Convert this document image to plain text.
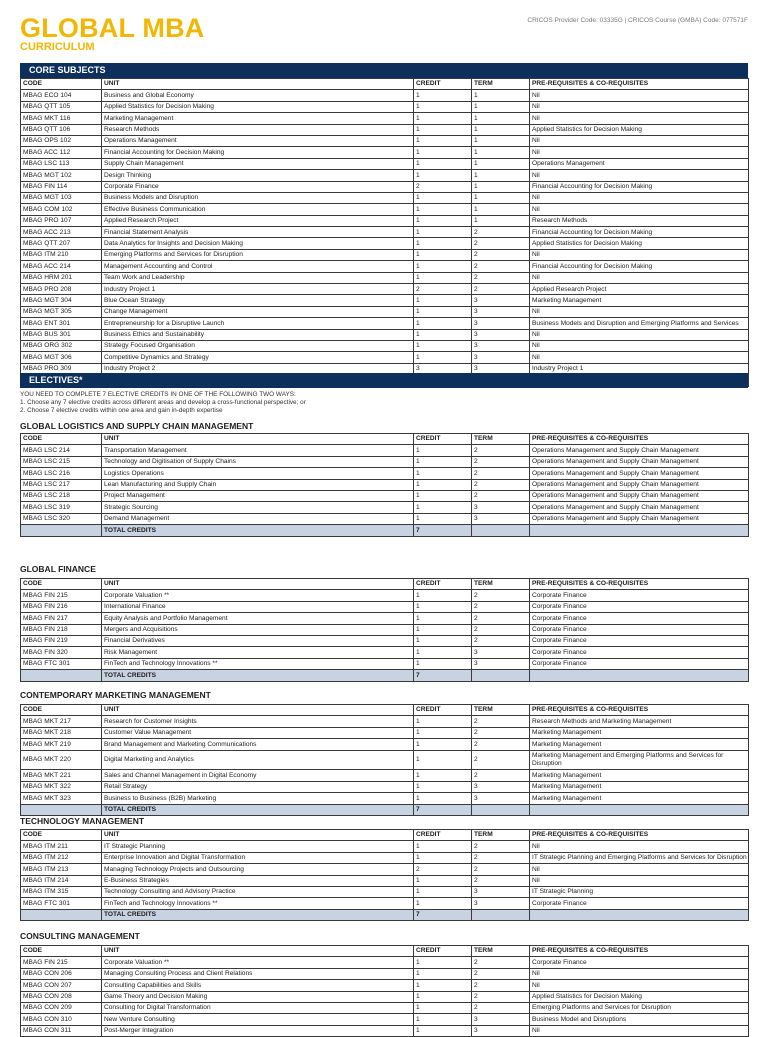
GLOBAL MBA
CURRICULUM
CRICOS Provider Code: 03335G | CRICOS Course (GMBA) Code: 077571F
CORE SUBJECTS
CODE	UNIT	CREDIT	TERM	PRE-REQUISITES & CO-REQUISITES
MBAG ECO 104	Business and Global Economy	1	1	Nil
MBAG QTT 105	Applied Statistics for Decision Making	1	1	Nil
MBAG MKT 116	Marketing Management	1	1	Nil
MBAG QTT 106	Research Methods	1	1	Applied Statistics for Decision Making
MBAG OPS 102	Operations Management	1	1	Nil
MBAG ACC 112	Financial Accounting for Decision Making	1	1	Nil
MBAG LSC 113	Supply Chain Management	1	1	Operations Management
MBAG MGT 102	Design Thinking	1	1	Nil
MBAG FIN 114	Corporate Finance	2	1	Financial Accounting for Decision Making
MBAG MGT 103	Business Models and Disruption	1	1	Nil
MBAG COM 102	Effective Business Communication	1	1	Nil
MBAG PRO 107	Applied Research Project	1	1	Research Methods
MBAG ACC 213	Financial Statement Analysis	1	2	Financial Accounting for Decision Making
MBAG QTT 207	Data Analytics for Insights and Decision Making	1	2	Applied Statistics for Decision Making
MBAG ITM 210	Emerging Platforms and Services for Disruption	1	2	Nil
MBAG ACC 214	Management Accounting and Control	1	2	Financial Accounting for Decision Making
MBAG HRM 201	Team Work and Leadership	1	2	Nil
MBAG PRO 208	Industry Project 1	2	2	Applied Research Project
MBAG MGT 304	Blue Ocean Strategy	1	3	Marketing Management
MBAG MGT 305	Change Management	1	3	Nil
MBAG ENT 301	Entrepreneurship for a Disruptive Launch	1	3	Business Models and Disruption and Emerging Platforms and Services
MBAG BUS 301	Business Ethics and Sustainability	1	3	Nil
MBAG ORG 302	Strategy Focused Organisation	1	3	Nil
MBAG MGT 306	Competitive Dynamics and Strategy	1	3	Nil
MBAG PRO 309	Industry Project 2	3	3	Industry Project 1

ELECTIVES*
YOU NEED TO COMPLETE 7 ELECTIVE CREDITS IN ONE OF THE FOLLOWING TWO WAYS:
1. Choose any 7 elective credits across different areas and develop a cross-functional perspective; or
2. Choose 7 elective credits within one area and gain in-depth expertise
GLOBAL LOGISTICS AND SUPPLY CHAIN MANAGEMENT
CODE	UNIT	CREDIT	TERM	PRE-REQUISITES & CO-REQUISITES
MBAG LSC 214	Transportation Management	1	2	Operations Management and Supply Chain Management
MBAG LSC 215	Technology and Digitisation of Supply Chains	1	2	Operations Management and Supply Chain Management
MBAG LSC 216	Logistics Operations	1	2	Operations Management and Supply Chain Management
MBAG LSC 217	Lean Manufacturing and Supply Chain	1	2	Operations Management and Supply Chain Management
MBAG LSC 218	Project Management	1	2	Operations Management and Supply Chain Management
MBAG LSC 319	Strategic Sourcing	1	3	Operations Management and Supply Chain Management
MBAG LSC 320	Demand Management	1	3	Operations Management and Supply Chain Management
	TOTAL CREDITS	7		
GLOBAL FINANCE
CODE	UNIT	CREDIT	TERM	PRE-REQUISITES & CO-REQUISITES
MBAG FIN 215	Corporate Valuation **	1	2	Corporate Finance
MBAG FIN 216	International Finance	1	2	Corporate Finance
MBAG FIN 217	Equity Analysis and Portfolio Management	1	2	Corporate Finance
MBAG FIN 218	Mergers and Acquisitions	1	2	Corporate Finance
MBAG FIN 219	Financial Derivatives	1	2	Corporate Finance
MBAG FIN 320	Risk Management	1	3	Corporate Finance
MBAG FTC 301	FinTech and Technology Innovations **	1	3	Corporate Finance
	TOTAL CREDITS	7		
CONTEMPORARY MARKETING MANAGEMENT
CODE	UNIT	CREDIT	TERM	PRE-REQUISITES & CO-REQUISITES
MBAG MKT 217	Research for Customer Insights	1	2	Research Methods and Marketing Management
MBAG MKT 218	Customer Value Management	1	2	Marketing Management
MBAG MKT 219	Brand Management and Marketing Communications	1	2	Marketing Management
MBAG MKT 220	Digital Marketing and Analytics	1	2	Marketing Management and Emerging Platforms and Services for Disruption
MBAG MKT 221	Sales and Channel Management in Digital Economy	1	2	Marketing Management
MBAG MKT 322	Retail Strategy	1	3	Marketing Management
MBAG MKT 323	Business to Business (B2B) Marketing	1	3	Marketing Management
	TOTAL CREDITS	7		
TECHNOLOGY MANAGEMENT
CODE	UNIT	CREDIT	TERM	PRE-REQUISITES & CO-REQUISITES
MBAG ITM 211	IT Strategic Planning	1	2	Nil
MBAG ITM 212	Enterprise Innovation and Digital Transformation	1	2	IT Strategic Planning and Emerging Platforms and Services for Disruption
MBAG ITM 213	Managing Technology Projects and Outsourcing	2	2	Nil
MBAG ITM 214	E-Business Strategies	1	2	Nil
MBAG ITM 315	Technology Consulting and Advisory Practice	1	3	IT Strategic Planning
MBAG FTC 301	FinTech and Technology Innovations **	1	3	Corporate Finance
	TOTAL CREDITS	7		
CONSULTING MANAGEMENT
CODE	UNIT	CREDIT	TERM	PRE-REQUISITES & CO-REQUISITES
MBAG FIN 215	Corporate Valuation **	1	2	Corporate Finance
MBAG CON 206	Managing Consulting Process and Client Relations	1	2	Nil
MBAG CON 207	Consulting Capabilities and Skills	1	2	Nil
MBAG CON 208	Game Theory and Decision Making	1	2	Applied Statistics for Decision Making
MBAG CON 209	Consulting for Digital Transformation	1	2	Emerging Platforms and Services for Disruption
MBAG CON 310	New Venture Consulting	1	3	Business Model and Disruptions
MBAG CON 311	Post-Merger Integration	1	3	Nil
